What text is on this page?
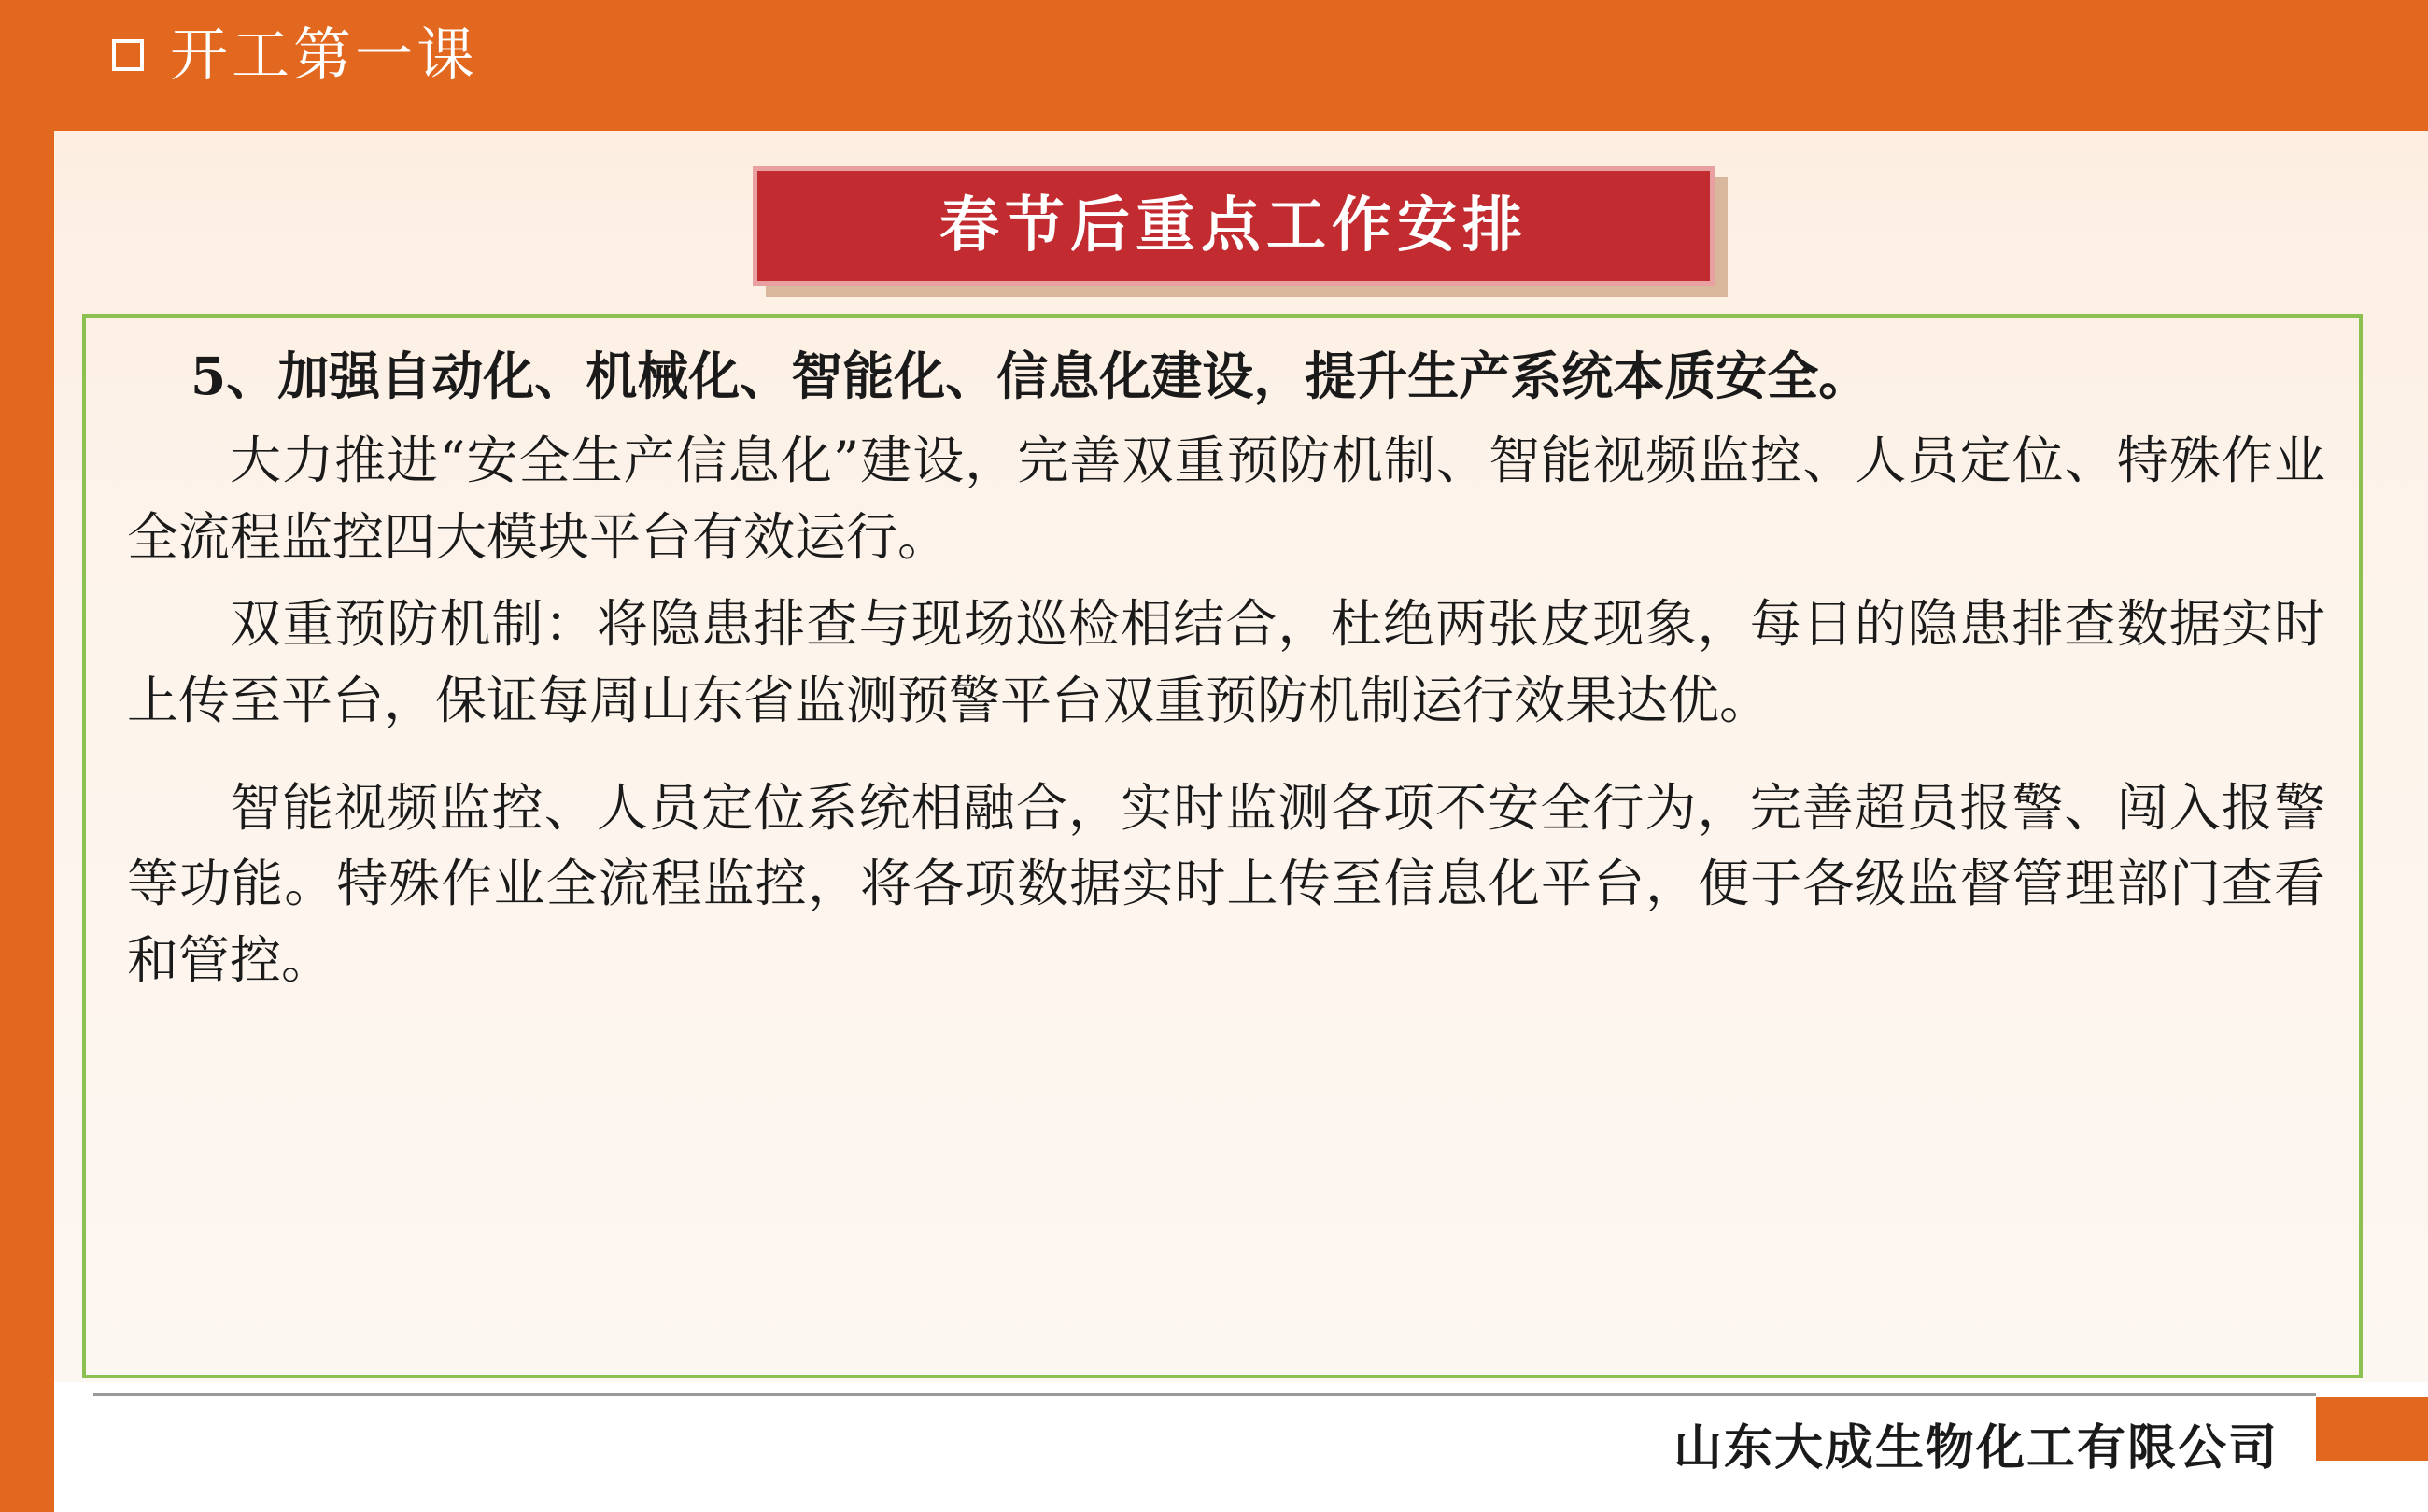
开工第一课
春节后重点工作安排

5、加强自动化、机械化、智能化、信息化建设，提升生产系统本质安全。

大力推进“安全生产信息化”建设，完善双重预防机制、智能视频监控、人员定位、特殊作业全流程监控四大模块平台有效运行。

双重预防机制：将隐患排查与现场巡检相结合，杜绝两张皮现象，每日的隐患排查数据实时上传至平台，保证每周山东省监测预警平台双重预防机制运行效果达优。

智能视频监控、人员定位系统相融合，实时监测各项不安全行为，完善超员报警、闯入报警等功能。特殊作业全流程监控，将各项数据实时上传至信息化平台，便于各级监督管理部门查看和管控。

山东大成生物化工有限公司
